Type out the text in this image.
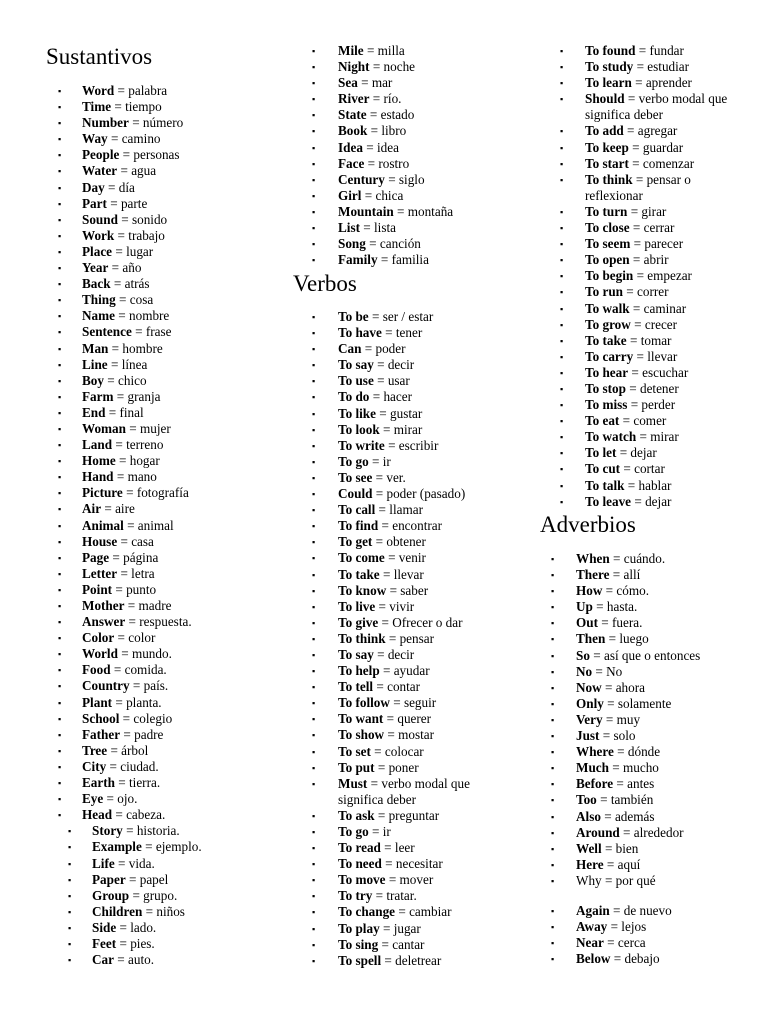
Sustantivos
▪ Word = palabra
▪ Time = tiempo
▪ Number = número
▪ Way = camino
▪ People = personas
▪ Water = agua
▪ Day = día
▪ Part = parte
▪ Sound = sonido
▪ Work = trabajo
▪ Place = lugar
▪ Year = año
▪ Back = atrás
▪ Thing = cosa
▪ Name = nombre
▪ Sentence = frase
▪ Man = hombre
▪ Line = línea
▪ Boy = chico
▪ Farm = granja
▪ End = final
▪ Woman = mujer
▪ Land = terreno
▪ Home = hogar
▪ Hand = mano
▪ Picture = fotografía
▪ Air = aire
▪ Animal = animal
▪ House = casa
▪ Page = página
▪ Letter = letra
▪ Point = punto
▪ Mother = madre
▪ Answer = respuesta.
▪ Color = color
▪ World = mundo.
▪ Food = comida.
▪ Country = país.
▪ Plant = planta.
▪ School = colegio
▪ Father = padre
▪ Tree = árbol
▪ City = ciudad.
▪ Earth = tierra.
▪ Eye = ojo.
▪ Head = cabeza.
▪ Story = historia.
▪ Example = ejemplo.
▪ Life = vida.
▪ Paper = papel
▪ Group = grupo.
▪ Children = niños
▪ Side = lado.
▪ Feet = pies.
▪ Car = auto.
▪ Mile = milla
▪ Night = noche
▪ Sea = mar
▪ River = río.
▪ State = estado
▪ Book = libro
▪ Idea = idea
▪ Face = rostro
▪ Century = siglo
▪ Girl = chica
▪ Mountain = montaña
▪ List = lista
▪ Song = canción
▪ Family = familia
Verbos
▪ To be = ser / estar
▪ To have = tener
▪ Can = poder
▪ To say = decir
▪ To use = usar
▪ To do = hacer
▪ To like = gustar
▪ To look = mirar
▪ To write = escribir
▪ To go = ir
▪ To see = ver.
▪ Could = poder (pasado)
▪ To call = llamar
▪ To find = encontrar
▪ To get = obtener
▪ To come = venir
▪ To take = llevar
▪ To know = saber
▪ To live = vivir
▪ To give = Ofrecer o dar
▪ To think = pensar
▪ To say = decir
▪ To help = ayudar
▪ To tell = contar
▪ To follow = seguir
▪ To want = querer
▪ To show = mostar
▪ To set = colocar
▪ To put = poner
▪ Must = verbo modal que significa deber
▪ To ask = preguntar
▪ To go = ir
▪ To read = leer
▪ To need = necesitar
▪ To move = mover
▪ To try = tratar.
▪ To change = cambiar
▪ To play = jugar
▪ To sing = cantar
▪ To spell = deletrear
▪ To found = fundar
▪ To study = estudiar
▪ To learn = aprender
▪ Should = verbo modal que significa deber
▪ To add = agregar
▪ To keep = guardar
▪ To start = comenzar
▪ To think = pensar o reflexionar
▪ To turn = girar
▪ To close = cerrar
▪ To seem = parecer
▪ To open = abrir
▪ To begin = empezar
▪ To run = correr
▪ To walk = caminar
▪ To grow = crecer
▪ To take = tomar
▪ To carry = llevar
▪ To hear = escuchar
▪ To stop = detener
▪ To miss = perder
▪ To eat = comer
▪ To watch = mirar
▪ To let = dejar
▪ To cut = cortar
▪ To talk = hablar
▪ To leave = dejar
Adverbios
▪ When = cuándo.
▪ There = allí
▪ How = cómo.
▪ Up = hasta.
▪ Out = fuera.
▪ Then = luego
▪ So = así que o entonces
▪ No = No
▪ Now = ahora
▪ Only = solamente
▪ Very = muy
▪ Just = solo
▪ Where = dónde
▪ Much = mucho
▪ Before = antes
▪ Too = también
▪ Also = además
▪ Around = alrededor
▪ Well = bien
▪ Here = aquí
▪ Why = por qué
▪ Again = de nuevo
▪ Away = lejos
▪ Near = cerca
▪ Below = debajo
